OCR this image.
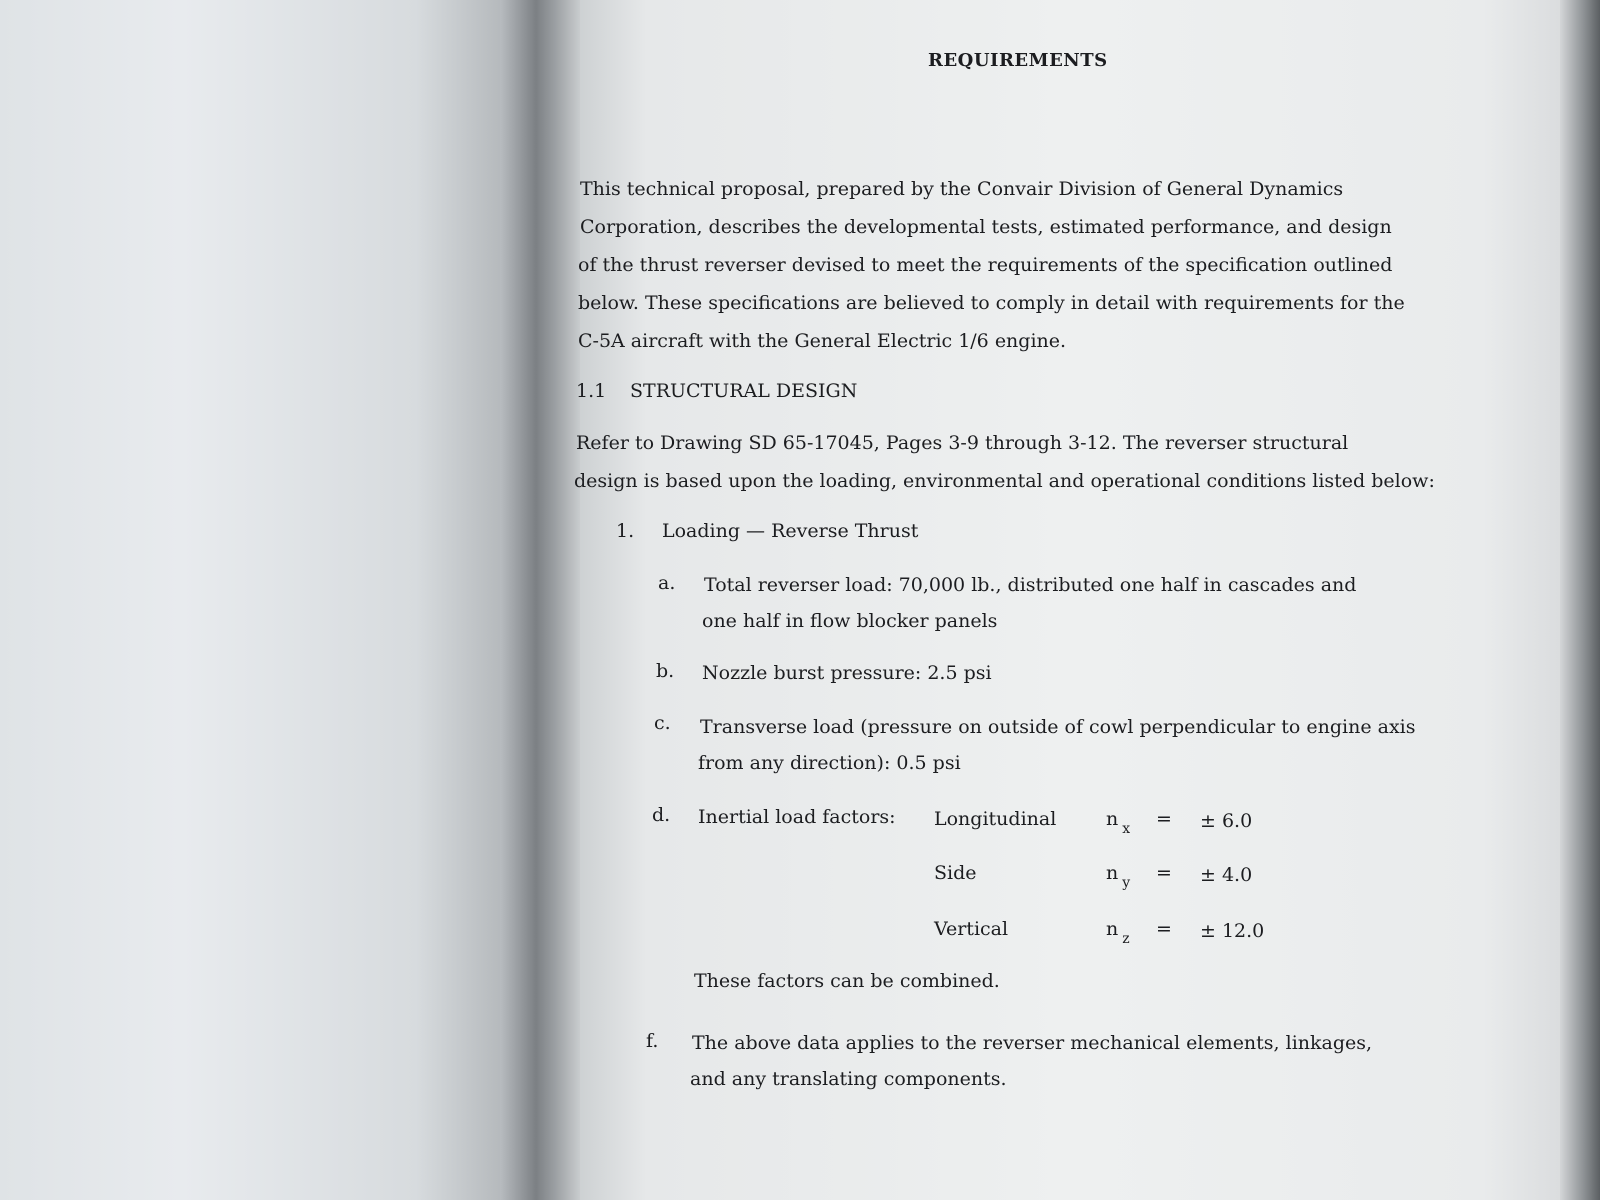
REQUIREMENTS
This technical proposal, prepared by the Convair Division of General Dynamics
Corporation, describes the developmental tests, estimated performance, and design
of the thrust reverser devised to meet the requirements of the specification outlined
below. These specifications are believed to comply in detail with requirements for the
C-5A aircraft with the General Electric 1/6 engine.
1.1 STRUCTURAL DESIGN
Refer to Drawing SD 65-17045, Pages 3-9 through 3-12. The reverser structural
design is based upon the loading, environmental and operational conditions listed below:
1. Loading — Reverse Thrust
a. Total reverser load: 70,000 lb., distributed one half in cascades and
one half in flow blocker panels
b. Nozzle burst pressure: 2.5 psi
c. Transverse load (pressure on outside of cowl perpendicular to engine axis
from any direction): 0.5 psi
d. Inertial load factors: Longitudinal	n $_x$ = ± 6.0
Side	n $_y$ = ± 4.0
Vertical	n $_z$ = ± 12.0
These factors can be combined.
f. The above data applies to the reverser mechanical elements, linkages,
and any translating components.
